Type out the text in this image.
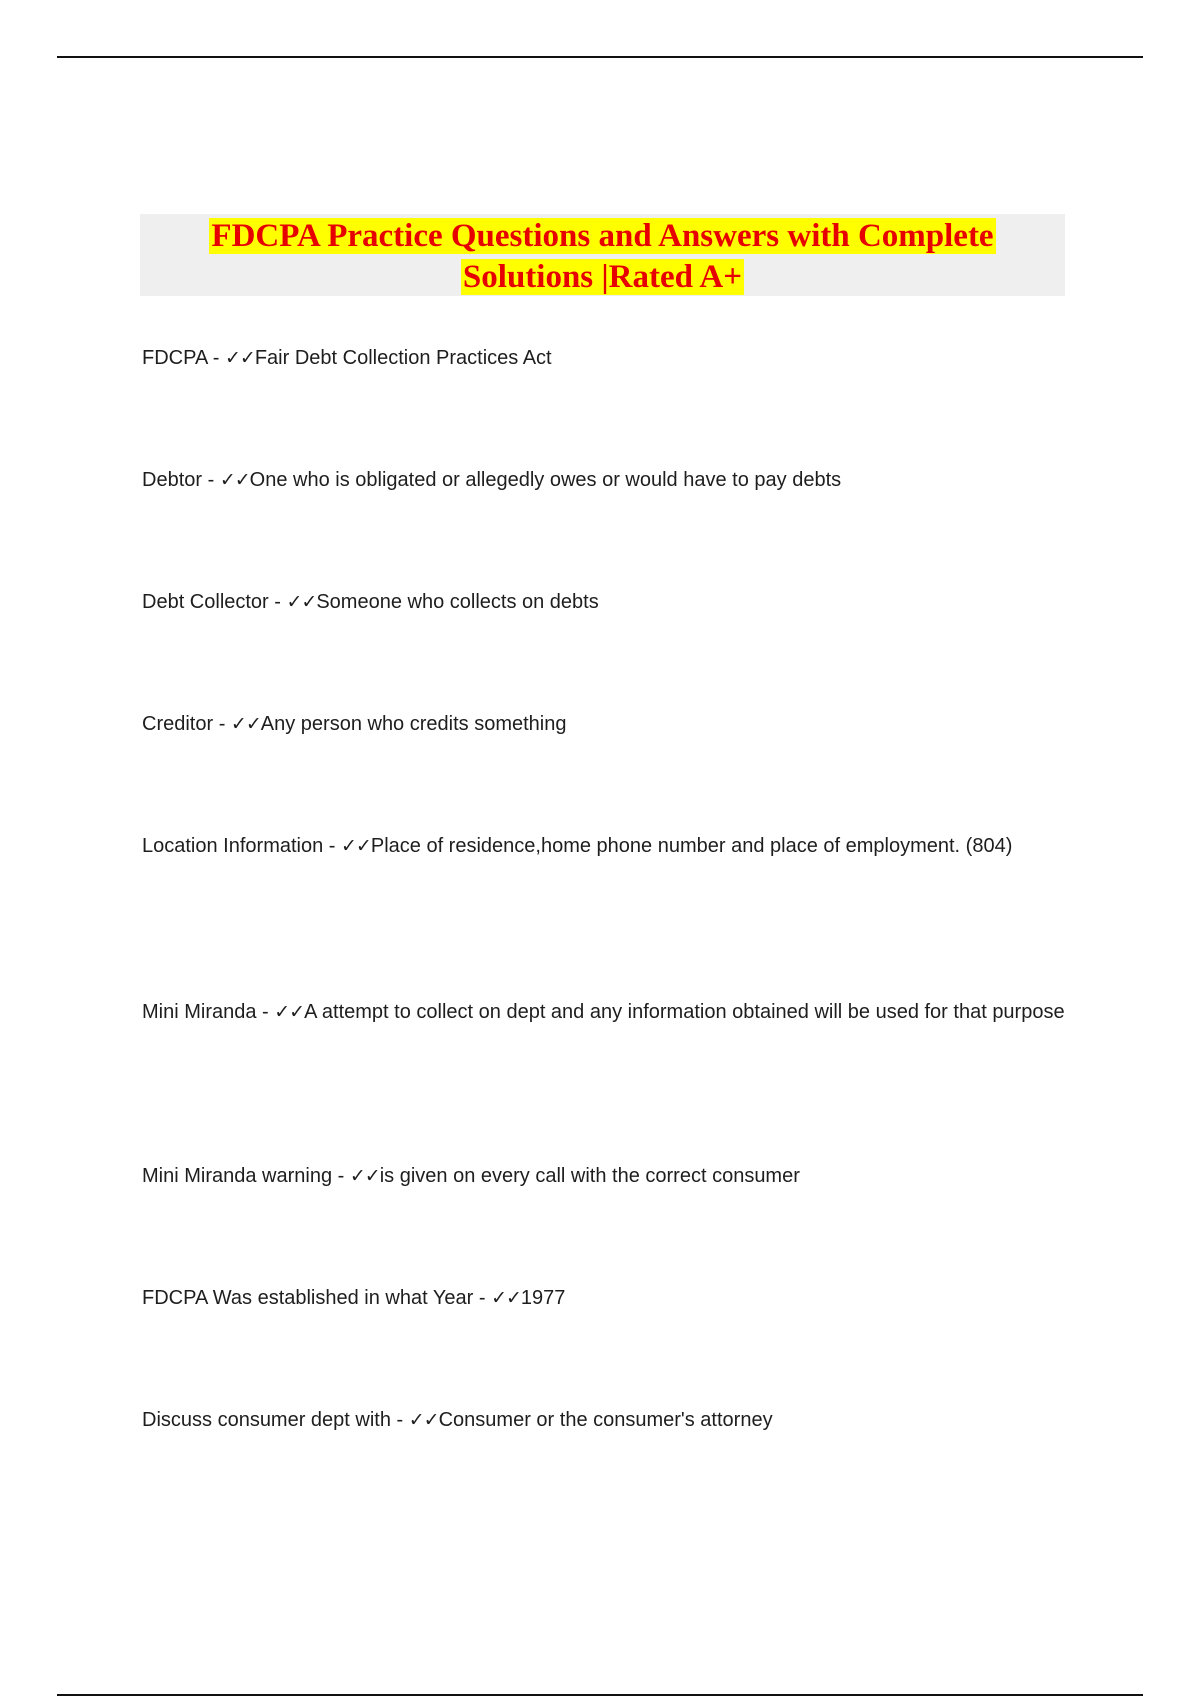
FDCPA Practice Questions and Answers with Complete
Solutions |Rated A+
FDCPA - ✓✓Fair Debt Collection Practices Act
Debtor - ✓✓One who is obligated or allegedly owes or would have to pay debts
Debt Collector - ✓✓Someone who collects on debts
Creditor - ✓✓Any person who credits something
Location Information - ✓✓Place of residence,home phone number and place of employment. (804)
Mini Miranda - ✓✓A attempt to collect on dept and any information obtained will be used for that purpose
Mini Miranda warning - ✓✓is given on every call with the correct consumer
FDCPA Was established in what Year - ✓✓1977
Discuss consumer dept with - ✓✓Consumer or the consumer's attorney
